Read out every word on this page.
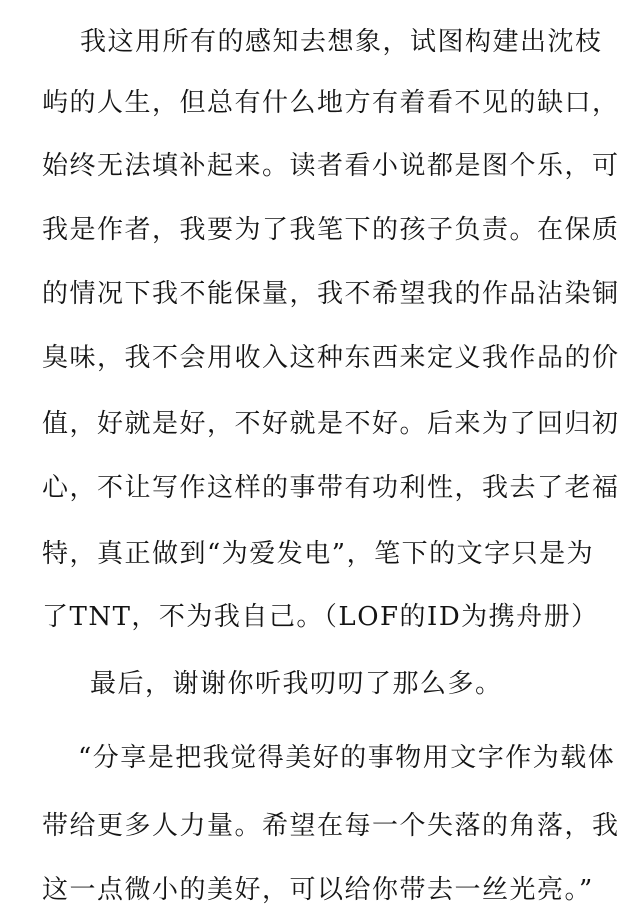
我这用所有的感知去想象，试图构建出沈枝
屿的人生，但总有什么地方有着看不见的缺口，
始终无法填补起来。读者看小说都是图个乐，可
我是作者，我要为了我笔下的孩子负责。在保质
的情况下我不能保量，我不希望我的作品沾染铜
臭味，我不会用收入这种东西来定义我作品的价
值，好就是好，不好就是不好。后来为了回归初
心，不让写作这样的事带有功利性，我去了老福
特，真正做到“为爱发电”，笔下的文字只是为
了TNT，不为我自己。（LOF的ID为携舟册）
最后，谢谢你听我叨叨了那么多。
“分享是把我觉得美好的事物用文字作为载体
带给更多人力量。希望在每一个失落的角落，我
这一点微小的美好，可以给你带去一丝光亮。”
